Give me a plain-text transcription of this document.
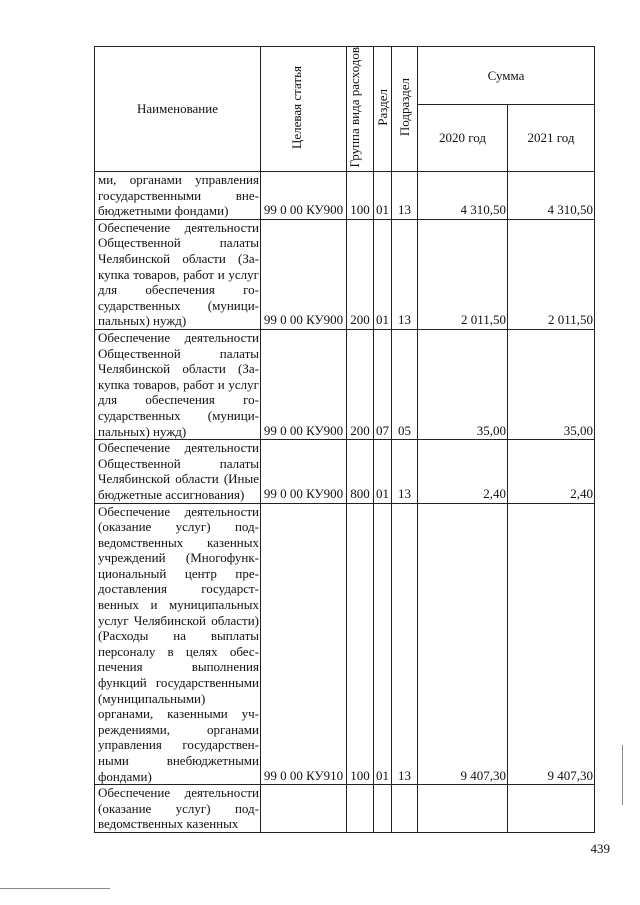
Наименование	Целевая статья	Группа вида расходов	Раздел	Подраздел	Сумма	
					2020 год	2021 год
ми, органами управления государственными внебюджетными фондами)	99 0 00 КУ900	100	01	13	4 310,50	4 310,50
Обеспечение деятельности Общественной палаты Челябинской области (Закупка товаров, работ и услуг для обеспечения государственных (муниципальных) нужд)	99 0 00 КУ900	200	01	13	2 011,50	2 011,50
Обеспечение деятельности Общественной палаты Челябинской области (Закупка товаров, работ и услуг для обеспечения государственных (муниципальных) нужд)	99 0 00 КУ900	200	07	05	35,00	35,00
Обеспечение деятельности Общественной палаты Челябинской области (Иные бюджетные ассигнования)	99 0 00 КУ900	800	01	13	2,40	2,40
Обеспечение деятельности (оказание услуг) подведомственных казенных учреждений (Многофункциональный центр предоставления государственных и муниципальных услуг Челябинской области) (Расходы на выплаты персоналу в целях обеспечения выполнения функций государственными (муниципальными) органами, казенными учреждениями, органами управления государственными внебюджетными фондами)	99 0 00 КУ910	100	01	13	9 407,30	9 407,30
Обеспечение деятельности (оказание услуг) подведомственных казенных						
439
